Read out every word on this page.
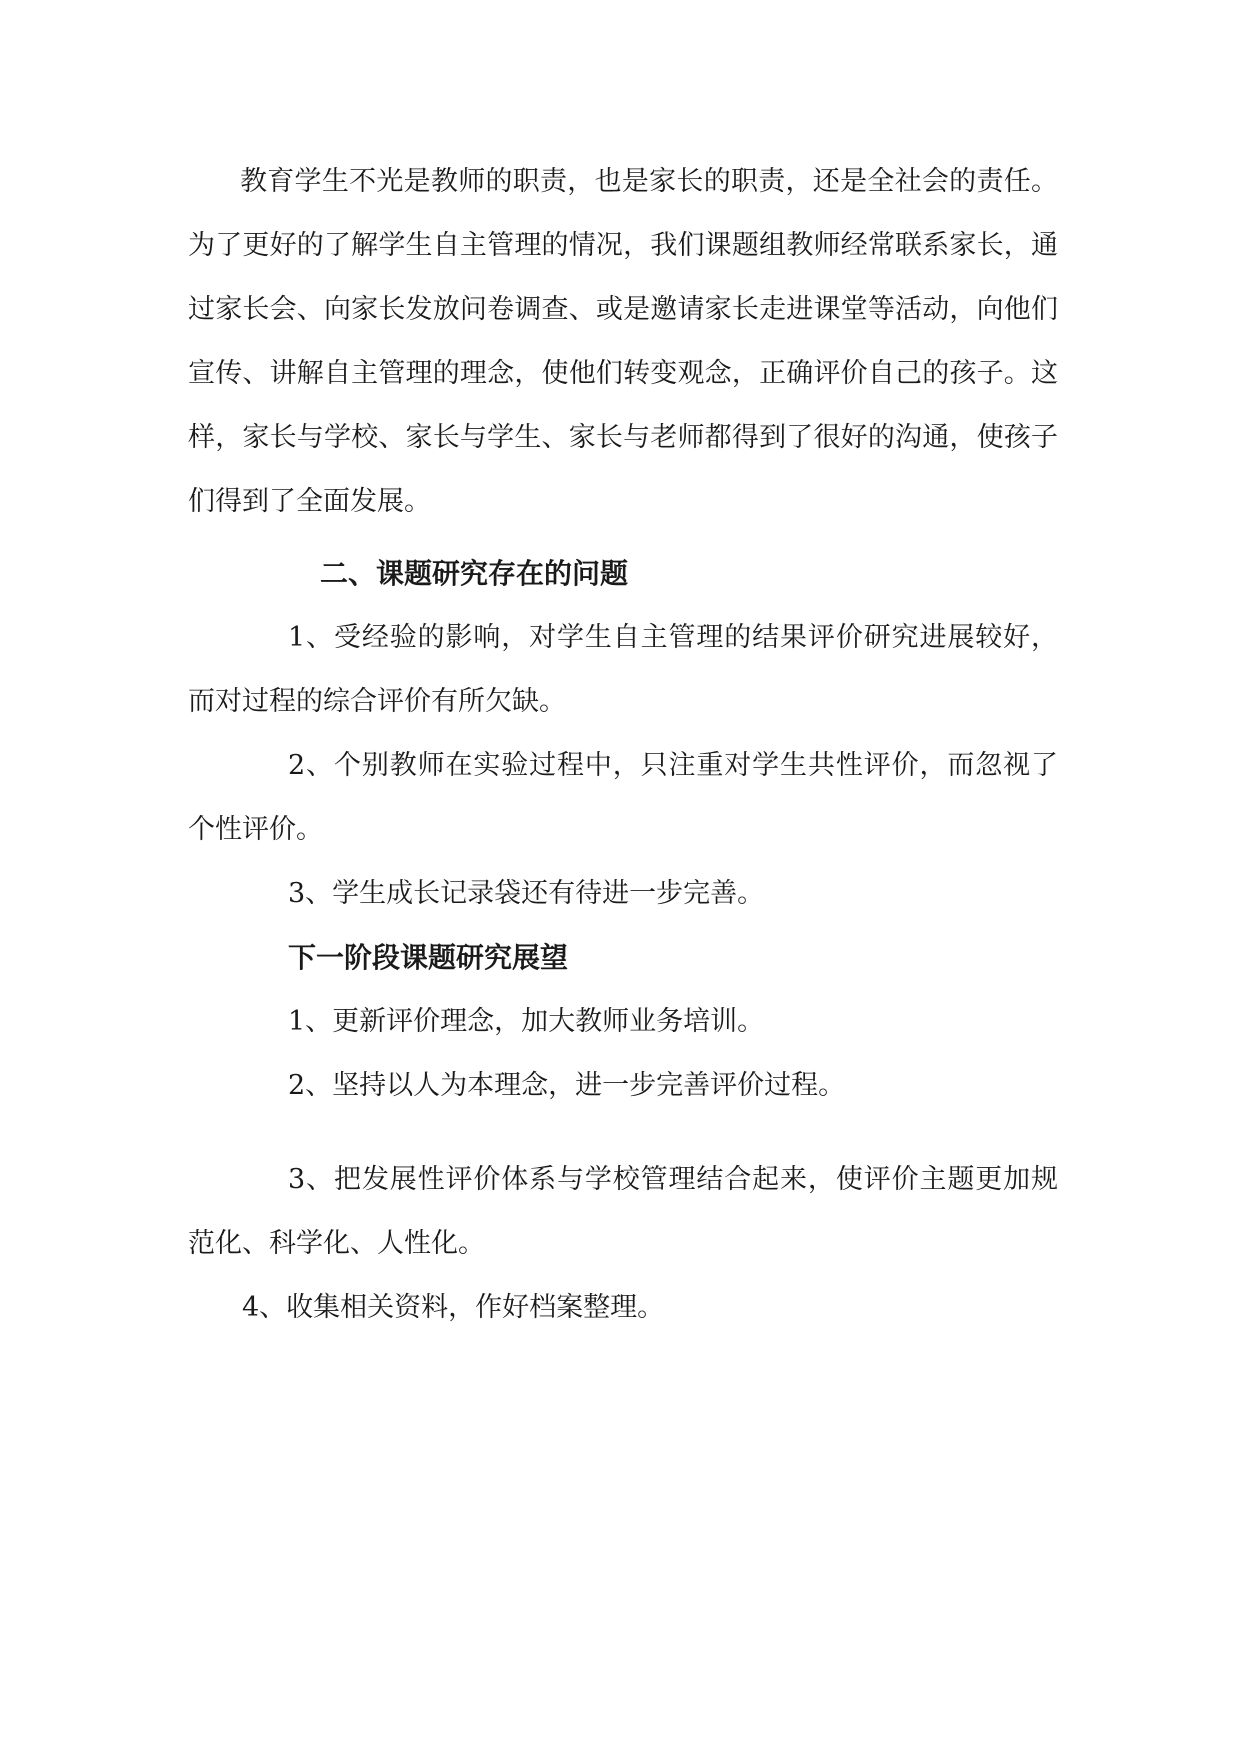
教育学生不光是教师的职责，也是家长的职责，还是全社会的责任。为了更好的了解学生自主管理的情况，我们课题组教师经常联系家长，通过家长会、向家长发放问卷调查、或是邀请家长走进课堂等活动，向他们宣传、讲解自主管理的理念，使他们转变观念，正确评价自己的孩子。这样，家长与学校、家长与学生、家长与老师都得到了很好的沟通，使孩子们得到了全面发展。

二、课题研究存在的问题

1、受经验的影响，对学生自主管理的结果评价研究进展较好，而对过程的综合评价有所欠缺。

2、个别教师在实验过程中，只注重对学生共性评价，而忽视了个性评价。

3、学生成长记录袋还有待进一步完善。

下一阶段课题研究展望

1、更新评价理念，加大教师业务培训。

2、坚持以人为本理念，进一步完善评价过程。

3、把发展性评价体系与学校管理结合起来，使评价主题更加规范化、科学化、人性化。

4、收集相关资料，作好档案整理。
